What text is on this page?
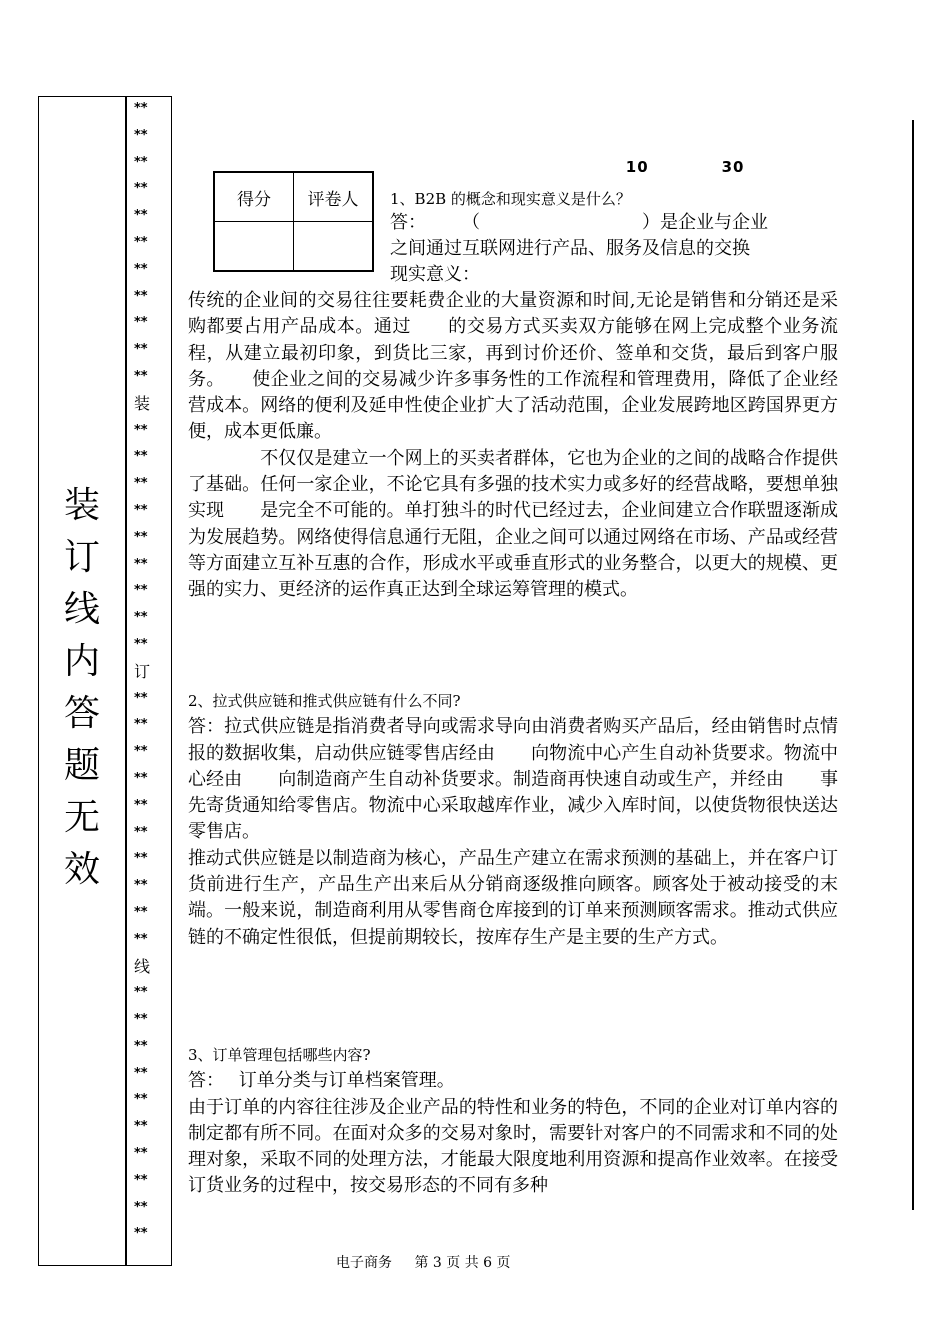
装
订
线
内
答
题
无
效
**
**
**
**
**
**
**
**
**
**
**
装
**
**
**
**
**
**
**
**
**
订
**
**
**
**
**
**
**
**
**
**
线
**
**
**
**
**
**
**
**
**
**
得分	评卷人

10	30
1、B2B 的概念和现实意义是什么？
答：　　　（　　　　　　　　　）是企业与企业
之间通过互联网进行产品、服务及信息的交换
现实意义：

传统的企业间的交易往往要耗费企业的大量资源和时间,无论是销售和分销还是采购都要占用产品成本。通过　　的交易方式买卖双方能够在网上完成整个业务流程，从建立最初印象，到货比三家，再到讨价还价、签单和交货，最后到客户服务。　　使企业之间的交易减少许多事务性的工作流程和管理费用，降低了企业经营成本。网络的便利及延申性使企业扩大了活动范围，企业发展跨地区跨国界更方便，成本更低廉。

　　　　不仅仅是建立一个网上的买卖者群体，它也为企业的之间的战略合作提供了基础。任何一家企业，不论它具有多强的技术实力或多好的经营战略，要想单独实现　　是完全不可能的。单打独斗的时代已经过去，企业间建立合作联盟逐渐成为发展趋势。网络使得信息通行无阻，企业之间可以通过网络在市场、产品或经营等方面建立互补互惠的合作，形成水平或垂直形式的业务整合，以更大的规模、更强的实力、更经济的运作真正达到全球运筹管理的模式。

2、拉式供应链和推式供应链有什么不同?

答：拉式供应链是指消费者导向或需求导向由消费者购买产品后，经由销售时点情报的数据收集，启动供应链零售店经由　　向物流中心产生自动补货要求。物流中心经由　　向制造商产生自动补货要求。制造商再快速自动或生产，并经由　　事先寄货通知给零售店。物流中心采取越库作业，减少入库时间，以使货物很快送达零售店。

推动式供应链是以制造商为核心，产品生产建立在需求预测的基础上，并在客户订货前进行生产，产品生产出来后从分销商逐级推向顾客。顾客处于被动接受的末端。一般来说，制造商利用从零售商仓库接到的订单来预测顾客需求。推动式供应链的不确定性很低，但提前期较长，按库存生产是主要的生产方式。

3、订单管理包括哪些内容?

答：　 订单分类与订单档案管理。

由于订单的内容往往涉及企业产品的特性和业务的特色，不同的企业对订单内容的制定都有所不同。在面对众多的交易对象时，需要针对客户的不同需求和不同的处理对象，采取不同的处理方法，才能最大限度地利用资源和提高作业效率。在接受订货业务的过程中，按交易形态的不同有多种

电子商务 第 3 页 共 6 页
